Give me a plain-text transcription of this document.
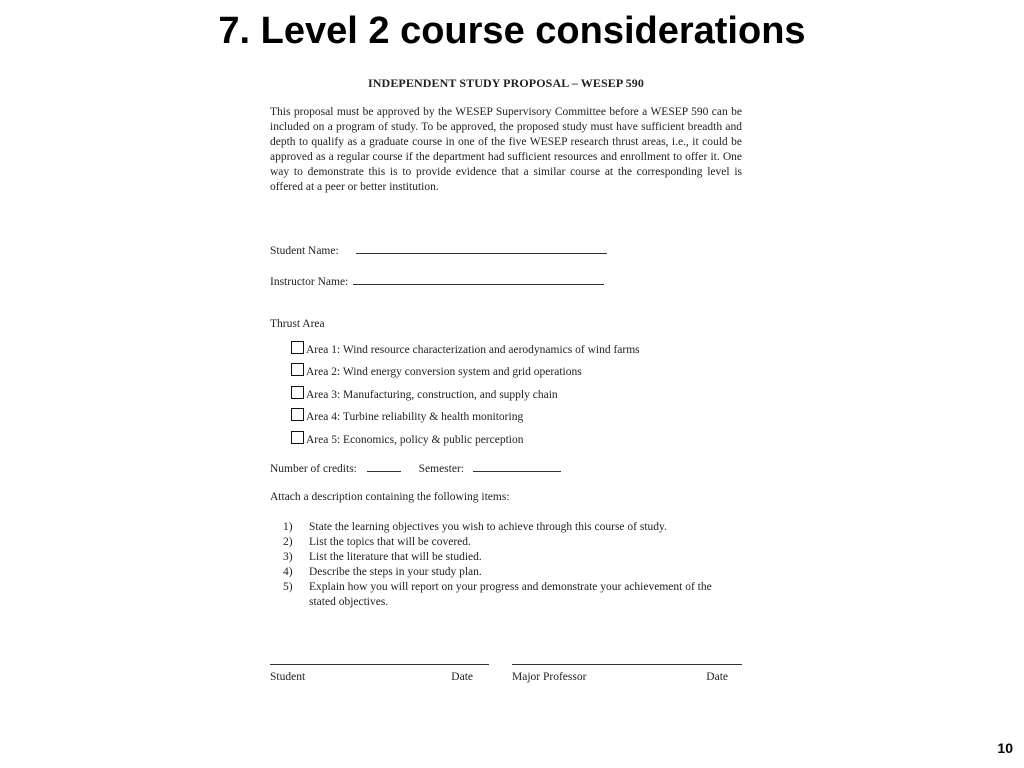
7. Level 2 course considerations
INDEPENDENT STUDY PROPOSAL – WESEP 590
This proposal must be approved by the WESEP Supervisory Committee before a WESEP 590 can be included on a program of study. To be approved, the proposed study must have sufficient breadth and depth to qualify as a graduate course in one of the five WESEP research thrust areas, i.e., it could be approved as a regular course if the department had sufficient resources and enrollment to offer it. One way to demonstrate this is to provide evidence that a similar course at the corresponding level is offered at a peer or better institution.
Student Name:
Instructor Name:
Thrust Area
Area 1: Wind resource characterization and aerodynamics of wind farms
Area 2: Wind energy conversion system and grid operations
Area 3: Manufacturing, construction, and supply chain
Area 4: Turbine reliability & health monitoring
Area 5: Economics, policy & public perception
Number of credits:	Semester:
Attach a description containing the following items:
1)	State the learning objectives you wish to achieve through this course of study.
2)	List the topics that will be covered.
3)	List the literature that will be studied.
4)	Describe the steps in your study plan.
5)	Explain how you will report on your progress and demonstrate your achievement of the stated objectives.
Student	Date	Major Professor	Date
10
